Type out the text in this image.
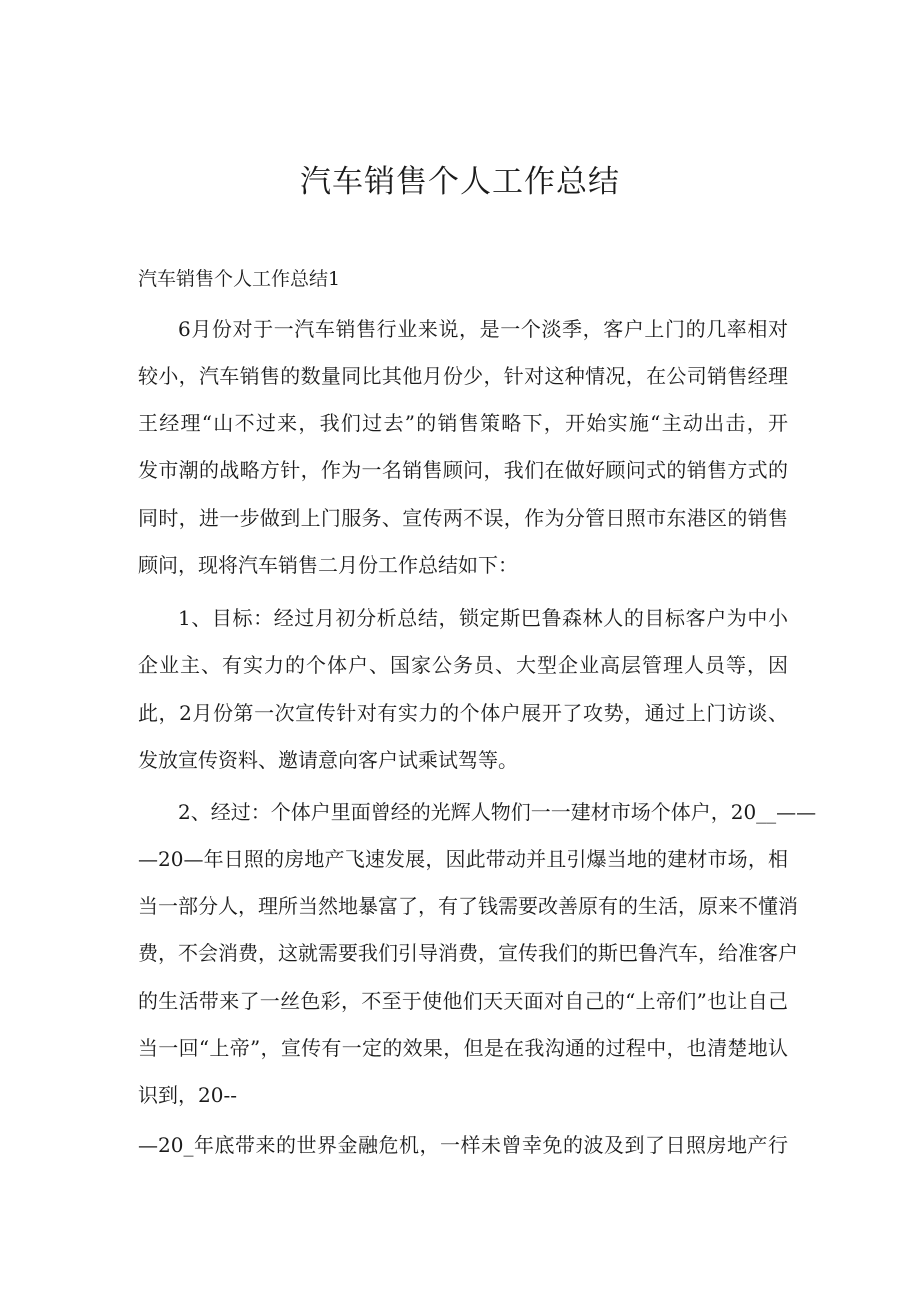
汽车销售个人工作总结

汽车销售个人工作总结1

6月份对于一汽车销售行业来说，是一个淡季，客户上门的几率相对

较小，汽车销售的数量同比其他月份少，针对这种情况，在公司销售经理

王经理“山不过来，我们过去”的销售策略下，开始实施“主动出击，开

发市潮的战略方针，作为一名销售顾问，我们在做好顾问式的销售方式的

同时，进一步做到上门服务、宣传两不误，作为分管日照市东港区的销售

顾问，现将汽车销售二月份工作总结如下：

1、目标：经过月初分析总结，锁定斯巴鲁森林人的目标客户为中小

企业主、有实力的个体户、国家公务员、大型企业高层管理人员等，因

此，2月份第一次宣传针对有实力的个体户展开了攻势，通过上门访谈、

发放宣传资料、邀请意向客户试乘试驾等。

2、经过：个体户里面曾经的光辉人物们一一建材市场个体户，20__——

—20—年日照的房地产飞速发展，因此带动并且引爆当地的建材市场，相

当一部分人，理所当然地暴富了，有了钱需要改善原有的生活，原来不懂消

费，不会消费，这就需要我们引导消费，宣传我们的斯巴鲁汽车，给准客户

的生活带来了一丝色彩，不至于使他们天天面对自己的“上帝们”也让自己

当一回“上帝”，宣传有一定的效果，但是在我沟通的过程中，也清楚地认

识到，20--

—20_年底带来的世界金融危机，一样未曾幸免的波及到了日照房地产行
